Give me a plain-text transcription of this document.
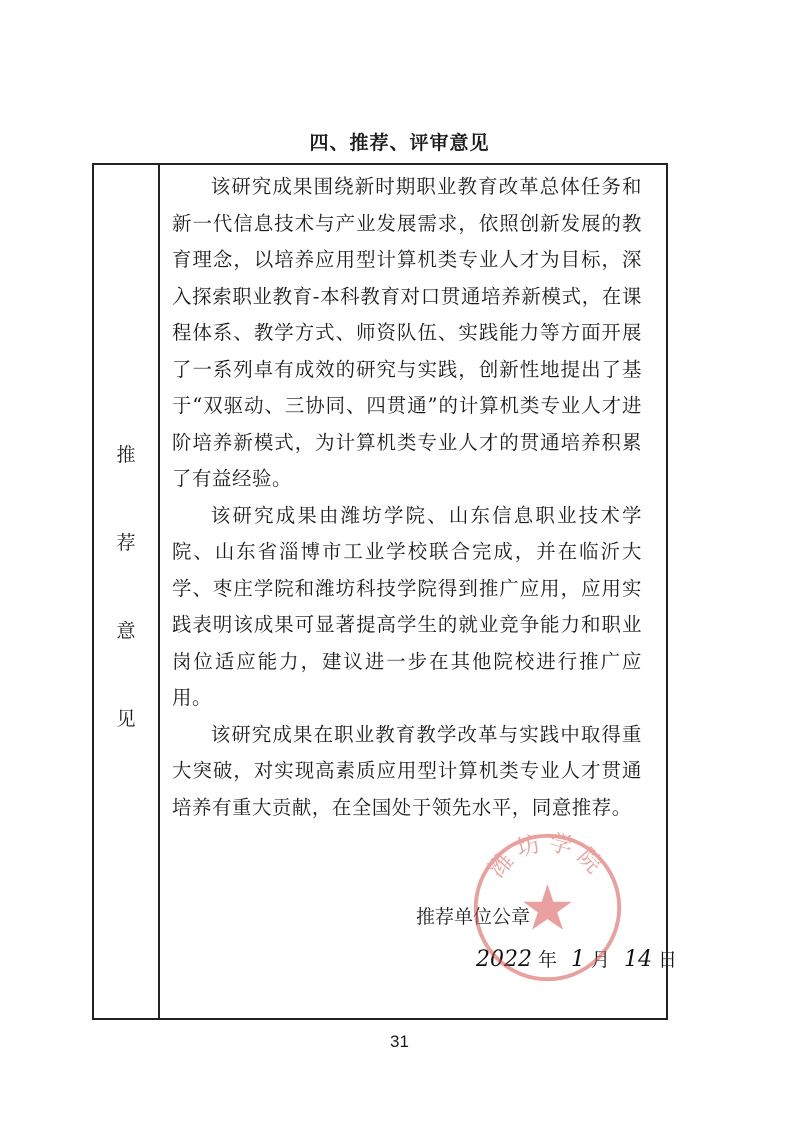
四、推荐、评审意见
推
荐
意
见

该研究成果围绕新时期职业教育改革总体任务和新一代信息技术与产业发展需求，依照创新发展的教育理念，以培养应用型计算机类专业人才为目标，深入探索职业教育-本科教育对口贯通培养新模式，在课程体系、教学方式、师资队伍、实践能力等方面开展了一系列卓有成效的研究与实践，创新性地提出了基于“双驱动、三协同、四贯通”的计算机类专业人才进阶培养新模式，为计算机类专业人才的贯通培养积累了有益经验。

该研究成果由潍坊学院、山东信息职业技术学院、山东省淄博市工业学校联合完成，并在临沂大学、枣庄学院和潍坊科技学院得到推广应用，应用实践表明该成果可显著提高学生的就业竞争能力和职业岗位适应能力，建议进一步在其他院校进行推广应用。

该研究成果在职业教育教学改革与实践中取得重大突破，对实现高素质应用型计算机类专业人才贯通培养有重大贡献，在全国处于领先水平，同意推荐。

推荐单位公章
2022 年 1 月 14 日
潍坊学院
31
